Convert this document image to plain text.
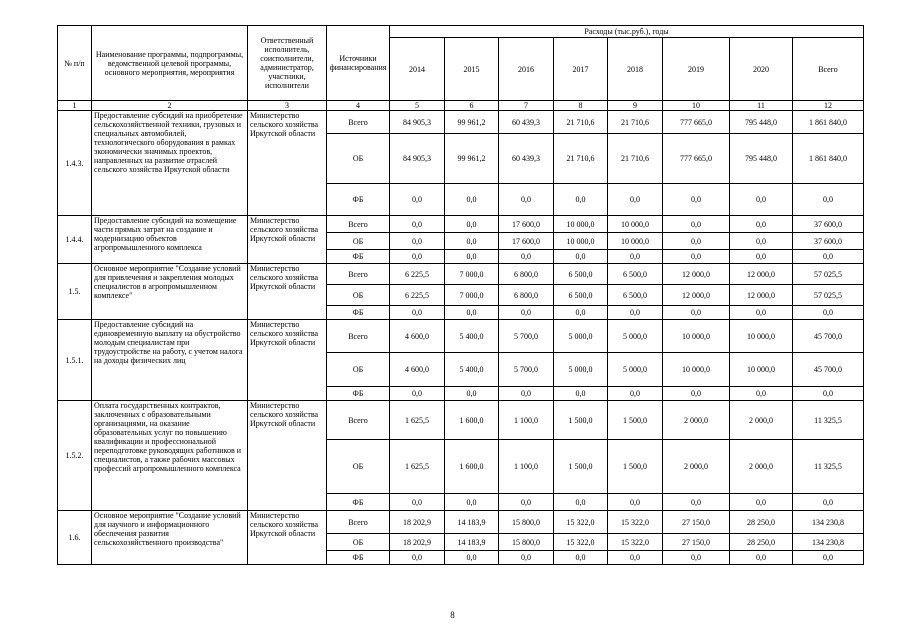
№ п/п	Наименование программы, подпрограммы, ведомственной целевой программы, основного мероприятия, мероприятия	Ответственный исполнитель, соисполнители, администратор, участники, исполнители	Источники финансирования	Расходы (тыс.руб.), годы							
				2014	2015	2016	2017	2018	2019	2020	Всего
1	2	3	4	5	6	7	8	9	10	11	12
1.4.3.	Предоставление субсидий на приобретение сельскохозяйственной техники, грузовых и специальных автомобилей, технологического оборудования в рамках экономически значимых проектов, направленных на развитие отраслей сельского хозяйства Иркутской области	Министерство сельского хозяйства Иркутской области	Всего	84 905,3	99 961,2	60 439,3	21 710,6	21 710,6	777 665,0	795 448,0	1 861 840,0
			ОБ	84 905,3	99 961,2	60 439,3	21 710,6	21 710,6	777 665,0	795 448,0	1 861 840,0
			ФБ	0,0	0,0	0,0	0,0	0,0	0,0	0,0	0,0
1.4.4.	Предоставление субсидий на возмещение части прямых затрат на создание и модернизацию объектов агропромышленного комплекса	Министерство сельского хозяйства Иркутской области	Всего	0,0	0,0	17 600,0	10 000,0	10 000,0	0,0	0,0	37 600,0
			ОБ	0,0	0,0	17 600,0	10 000,0	10 000,0	0,0	0,0	37 600,0
			ФБ	0,0	0,0	0,0	0,0	0,0	0,0	0,0	0,0
1.5.	Основное мероприятие "Создание условий для привлечения и закрепления молодых специалистов в агропромышленном комплексе"	Министерство сельского хозяйства Иркутской области	Всего	6 225,5	7 000,0	6 800,0	6 500,0	6 500,0	12 000,0	12 000,0	57 025,5
			ОБ	6 225,5	7 000,0	6 800,0	6 500,0	6 500,0	12 000,0	12 000,0	57 025,5
			ФБ	0,0	0,0	0,0	0,0	0,0	0,0	0,0	0,0
1.5.1.	Предоставление субсидий на единовременную выплату на обустройство молодым специалистам при трудоустройстве на работу, с учетом налога на доходы физических лиц	Министерство сельского хозяйства Иркутской области	Всего	4 600,0	5 400,0	5 700,0	5 000,0	5 000,0	10 000,0	10 000,0	45 700,0
			ОБ	4 600,0	5 400,0	5 700,0	5 000,0	5 000,0	10 000,0	10 000,0	45 700,0
			ФБ	0,0	0,0	0,0	0,0	0,0	0,0	0,0	0,0
1.5.2.	Оплата государственных контрактов, заключенных с образовательными организациями, на оказание образовательных услуг по повышению квалификации и профессиональной переподготовке руководящих работников и специалистов, а также рабочих массовых профессий агропромышленного комплекса	Министерство сельского хозяйства Иркутской области	Всего	1 625,5	1 600,0	1 100,0	1 500,0	1 500,0	2 000,0	2 000,0	11 325,5
			ОБ	1 625,5	1 600,0	1 100,0	1 500,0	1 500,0	2 000,0	2 000,0	11 325,5
			ФБ	0,0	0,0	0,0	0,0	0,0	0,0	0,0	0,0
1.6.	Основное мероприятие "Создание условий для научного и информационного обеспечения развития сельскохозяйственного производства"	Министерство сельского хозяйства Иркутской области	Всего	18 202,9	14 183,9	15 800,0	15 322,0	15 322,0	27 150,0	28 250,0	134 230,8
			ОБ	18 202,9	14 183,9	15 800,0	15 322,0	15 322,0	27 150,0	28 250,0	134 230,8
			ФБ	0,0	0,0	0,0	0,0	0,0	0,0	0,0	0,0
8
